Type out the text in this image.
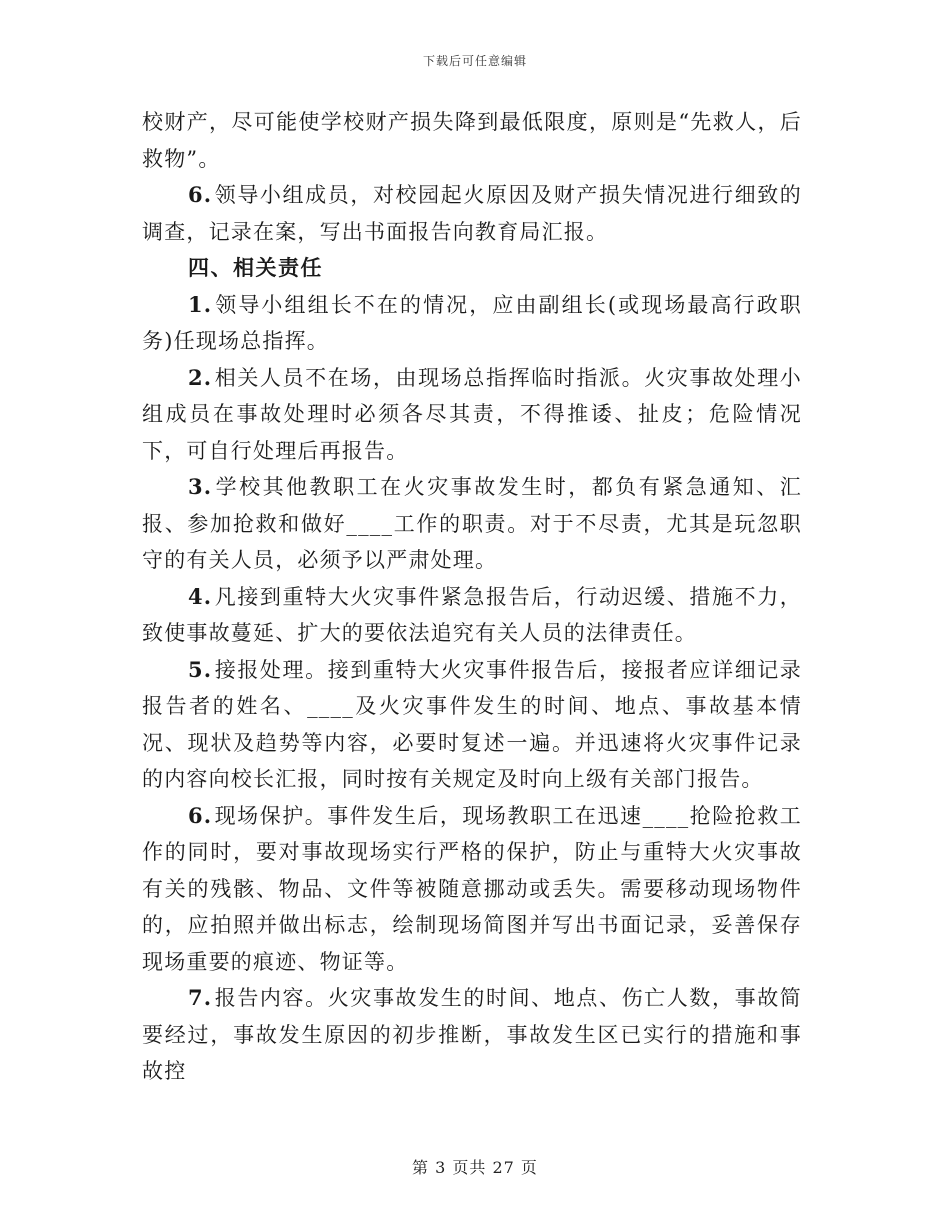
下载后可任意编辑

校财产，尽可能使学校财产损失降到最低限度，原则是“先救人，后救物”。

6.领导小组成员，对校园起火原因及财产损失情况进行细致的调查，记录在案，写出书面报告向教育局汇报。

四、相关责任

1.领导小组组长不在的情况，应由副组长(或现场最高行政职务)任现场总指挥。

2.相关人员不在场，由现场总指挥临时指派。火灾事故处理小组成员在事故处理时必须各尽其责，不得推诿、扯皮；危险情况下，可自行处理后再报告。

3.学校其他教职工在火灾事故发生时，都负有紧急通知、汇报、参加抢救和做好____工作的职责。对于不尽责，尤其是玩忽职守的有关人员，必须予以严肃处理。

4.凡接到重特大火灾事件紧急报告后，行动迟缓、措施不力，致使事故蔓延、扩大的要依法追究有关人员的法律责任。

5.接报处理。接到重特大火灾事件报告后，接报者应详细记录报告者的姓名、____及火灾事件发生的时间、地点、事故基本情况、现状及趋势等内容，必要时复述一遍。并迅速将火灾事件记录的内容向校长汇报，同时按有关规定及时向上级有关部门报告。

6.现场保护。事件发生后，现场教职工在迅速____抢险抢救工作的同时，要对事故现场实行严格的保护，防止与重特大火灾事故有关的残骸、物品、文件等被随意挪动或丢失。需要移动现场物件的，应拍照并做出标志，绘制现场简图并写出书面记录，妥善保存现场重要的痕迹、物证等。

7.报告内容。火灾事故发生的时间、地点、伤亡人数，事故简要经过，事故发生原因的初步推断，事故发生区已实行的措施和事故控

第 3 页共 27 页
